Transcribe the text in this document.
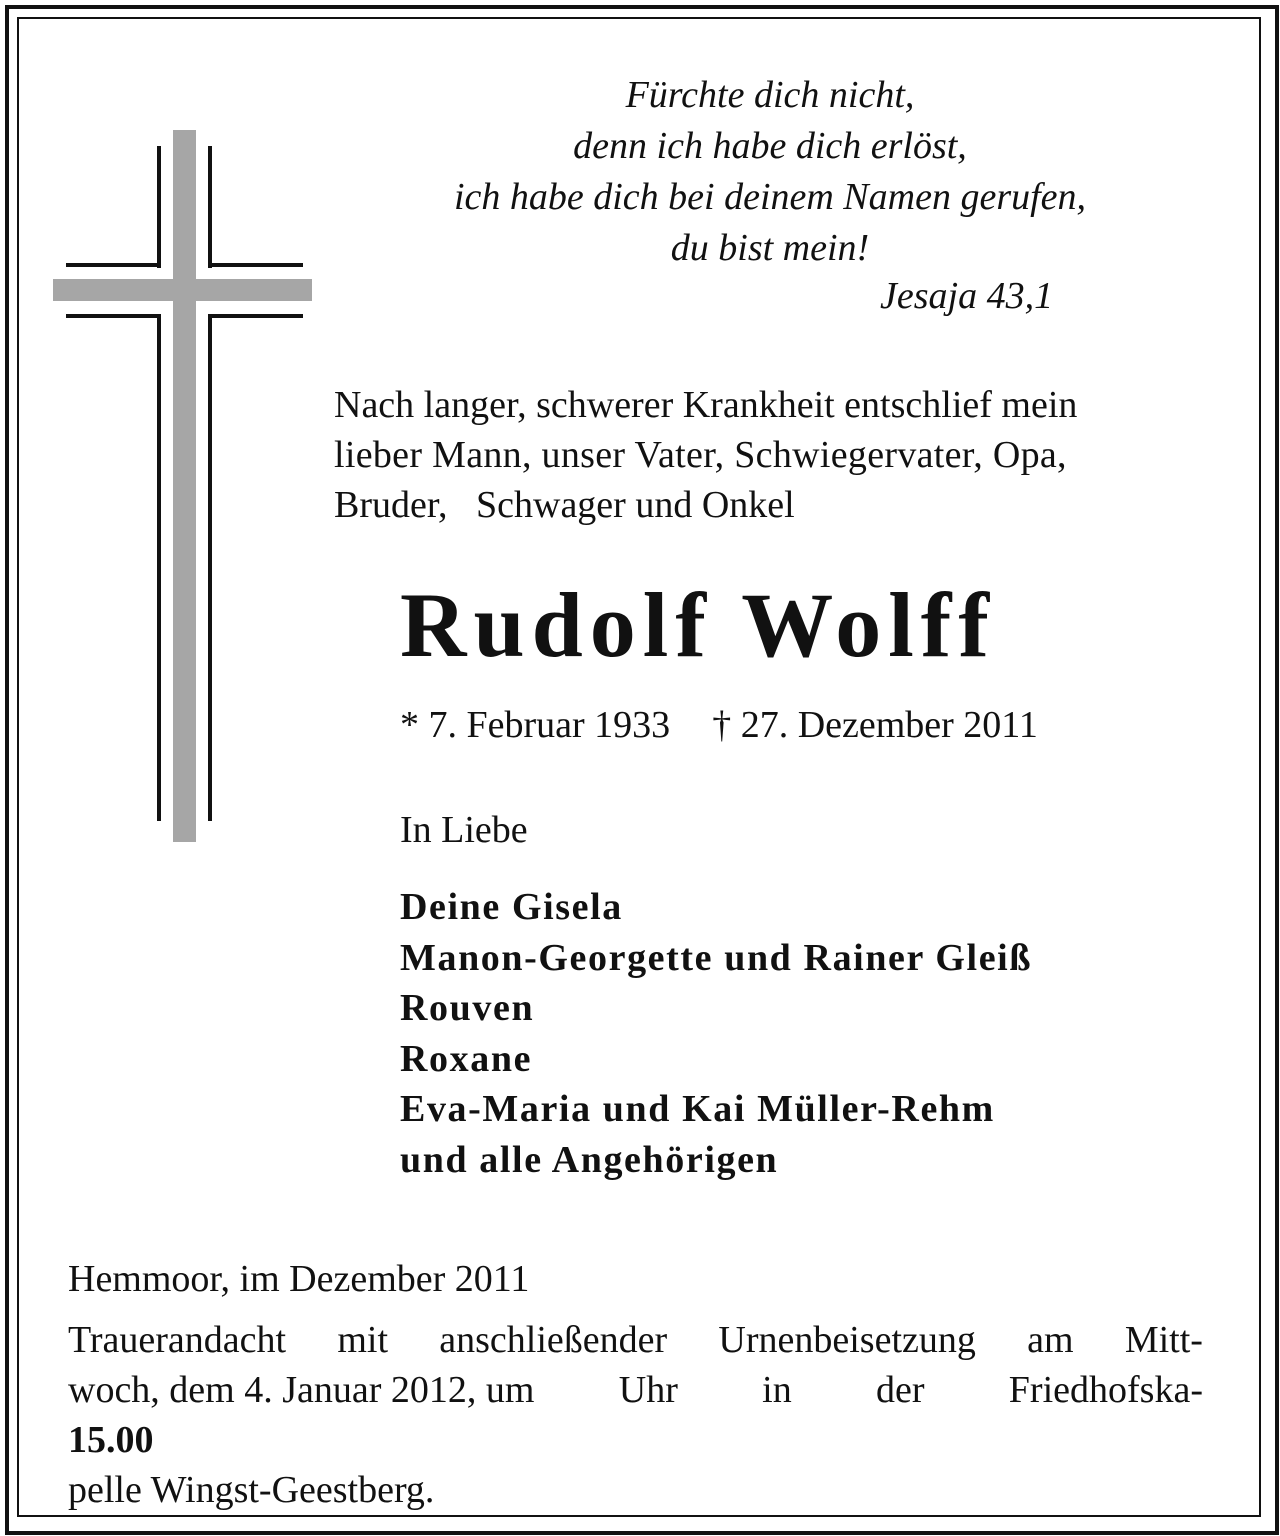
Fürchte dich nicht,
denn ich habe dich erlöst,
ich habe dich bei deinem Namen gerufen,
du bist mein!
Jesaja 43,1
Nach langer, schwerer Krankheit entschlief mein
lieber Mann, unser Vater, Schwiegervater, Opa,
Bruder,   Schwager und Onkel
Rudolf Wolff
* 7. Februar 1933 † 27. Dezember 2011
In Liebe
Deine Gisela
Manon-Georgette und Rainer Gleiß
Rouven
Roxane
Eva-Maria und Kai Müller-Rehm
und alle Angehörigen
Hemmoor, im Dezember 2011
Trauerandacht mit anschließender Urnenbeisetzung am Mitt-
woch, dem 4. Januar 2012, um
15.00
Uhr in der Friedhofska-
pelle Wingst-Geestberg.
